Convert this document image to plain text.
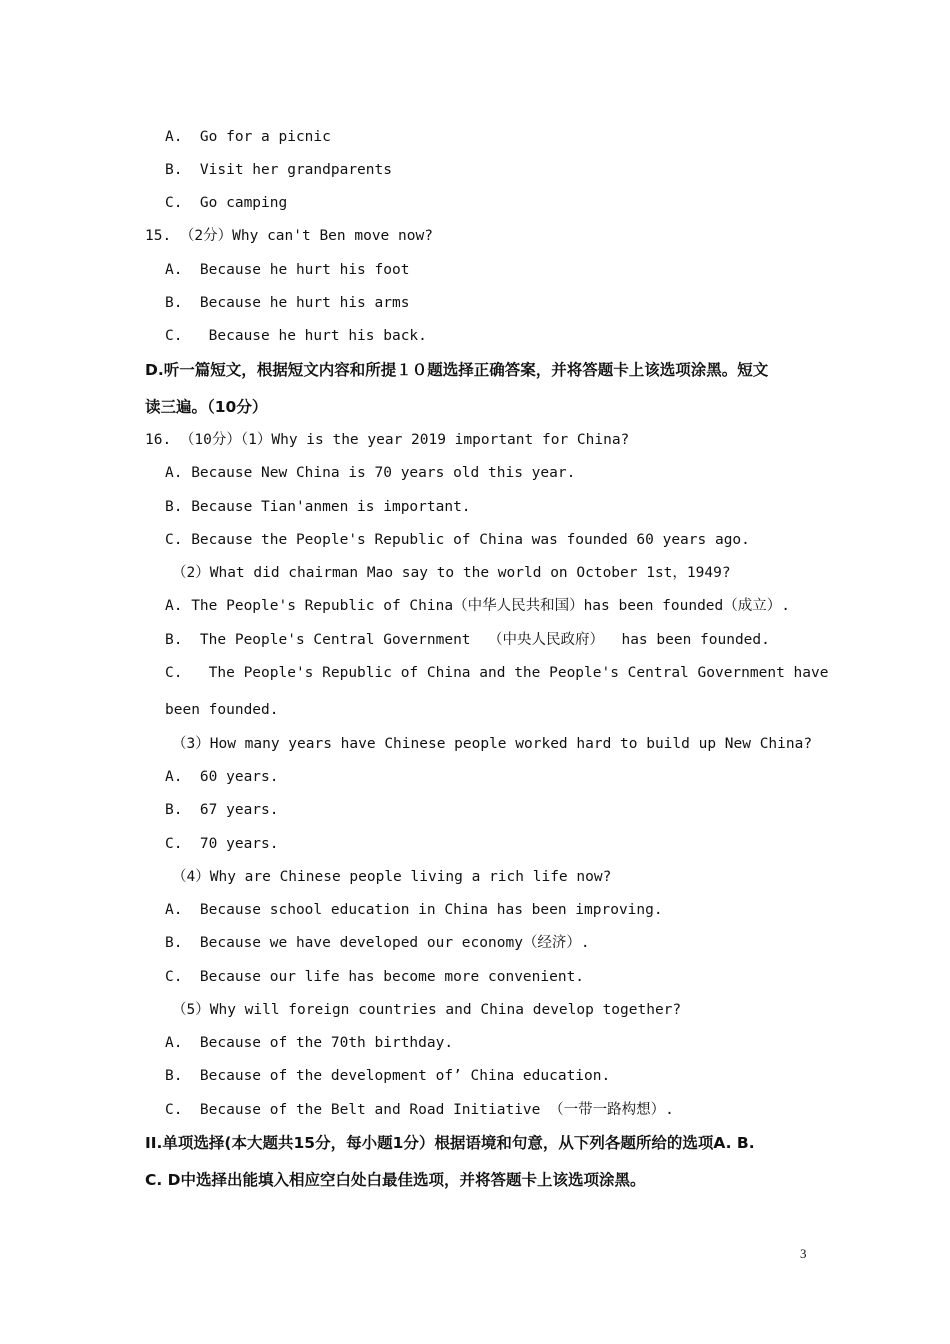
A.  Go for a picnic
B.  Visit her grandparents
C.  Go camping
15. （2分）Why can't Ben move now?
A.  Because he hurt his foot
B.  Because he hurt his arms
C.   Because he hurt his back.
D.听一篇短文，根据短文内容和所提１０题选择正确答案，并将答题卡上该选项涂黑。短文
读三遍。（10分）
16. （10分）（1）Why is the year 2019 important for China?
A. Because New China is 70 years old this year.
B. Because Tian'anmen is important.
C. Because the People's Republic of China was founded 60 years ago.
（2）What did chairman Mao say to the world on October 1st，1949?
A. The People's Republic of China（中华人民共和国）has been founded（成立）.
B.  The People's Central Government  （中央人民政府）  has been founded.
C.   The People's Republic of China and the People's Central Government have
been founded.
（3）How many years have Chinese people worked hard to build up New China?
A.  60 years.
B.  67 years.
C.  70 years.
（4）Why are Chinese people living a rich life now?
A.  Because school education in China has been improving.
B.  Because we have developed our economy（经济）.
C.  Because our life has become more convenient.
（5）Why will foreign countries and China develop together?
A.  Because of the 70th birthday.
B.  Because of the development of’ China education.
C.  Because of the Belt and Road Initiative （一带一路构想）.
II.单项选择(本大题共15分，每小题1分）根据语境和句意，从下列各题所给的选项A. B.
C. D中选择出能填入相应空白处白最佳选项，并将答题卡上该选项涂黑。
3
